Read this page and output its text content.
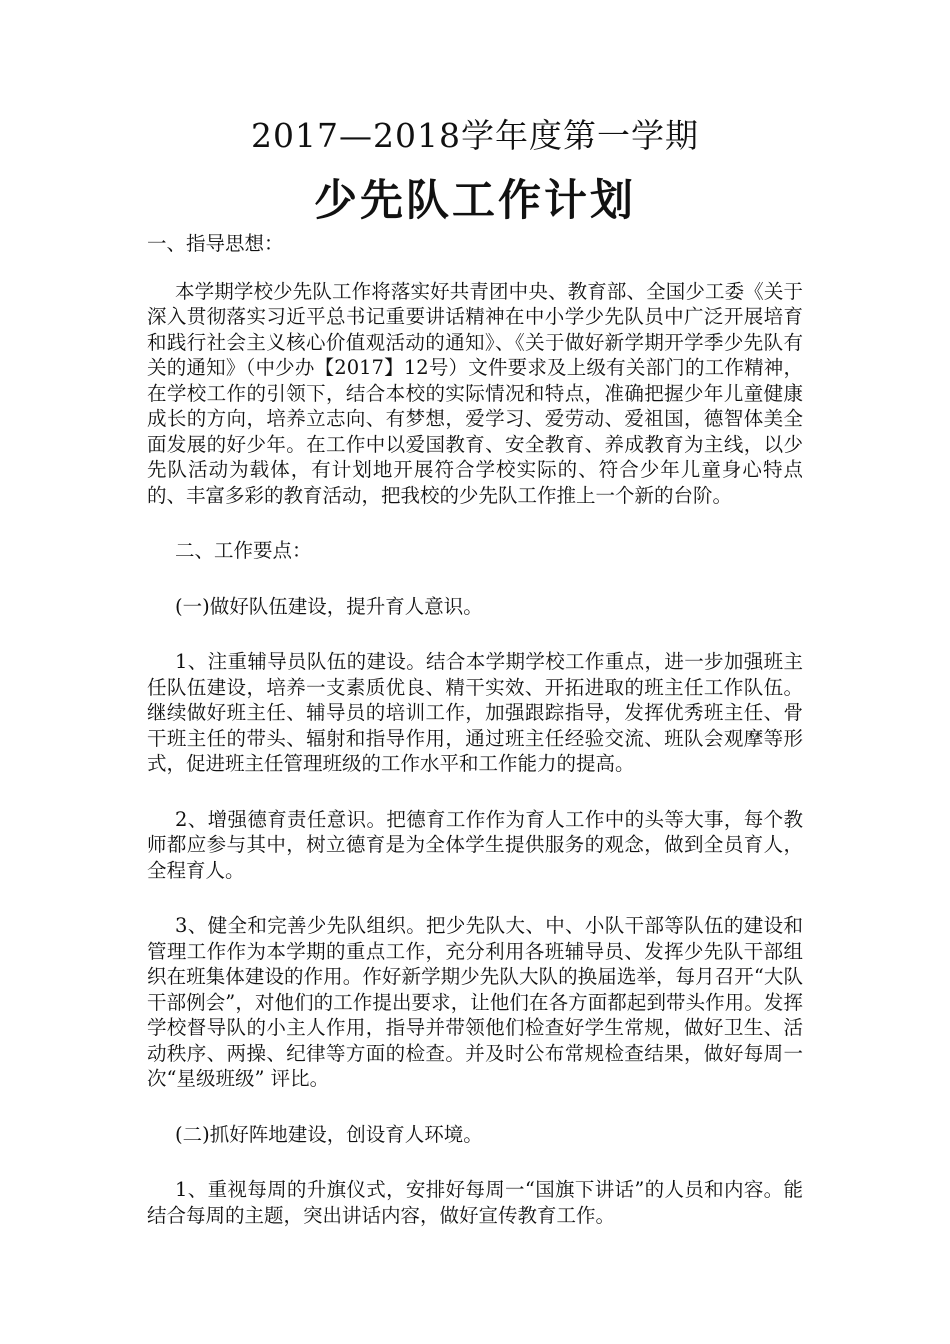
2017—2018学年度第一学期
少先队工作计划

一、指导思想：

本学期学校少先队工作将落实好共青团中央、教育部、全国少工委《关于深入贯彻落实习近平总书记重要讲话精神在中小学少先队员中广泛开展培育和践行社会主义核心价值观活动的通知》、《关于做好新学期开学季少先队有关的通知》（中少办【2017】12号）文件要求及上级有关部门的工作精神，在学校工作的引领下，结合本校的实际情况和特点，准确把握少年儿童健康成长的方向，培养立志向、有梦想，爱学习、爱劳动、爱祖国，德智体美全面发展的好少年。在工作中以爱国教育、安全教育、养成教育为主线，以少先队活动为载体，有计划地开展符合学校实际的、符合少年儿童身心特点的、丰富多彩的教育活动，把我校的少先队工作推上一个新的台阶。

二、工作要点：

(一)做好队伍建设，提升育人意识。

1、注重辅导员队伍的建设。结合本学期学校工作重点，进一步加强班主任队伍建设，培养一支素质优良、精干实效、开拓进取的班主任工作队伍。继续做好班主任、辅导员的培训工作，加强跟踪指导，发挥优秀班主任、骨干班主任的带头、辐射和指导作用，通过班主任经验交流、班队会观摩等形式，促进班主任管理班级的工作水平和工作能力的提高。

2、增强德育责任意识。把德育工作作为育人工作中的头等大事，每个教师都应参与其中，树立德育是为全体学生提供服务的观念，做到全员育人，全程育人。

3、健全和完善少先队组织。把少先队大、中、小队干部等队伍的建设和管理工作作为本学期的重点工作，充分利用各班辅导员、发挥少先队干部组织在班集体建设的作用。作好新学期少先队大队的换届选举，每月召开“大队干部例会”，对他们的工作提出要求，让他们在各方面都起到带头作用。发挥学校督导队的小主人作用，指导并带领他们检查好学生常规，做好卫生、活动秩序、两操、纪律等方面的检查。并及时公布常规检查结果，做好每周一次“星级班级” 评比。

(二)抓好阵地建设，创设育人环境。

1、重视每周的升旗仪式，安排好每周一“国旗下讲话”的人员和内容。能结合每周的主题，突出讲话内容，做好宣传教育工作。
